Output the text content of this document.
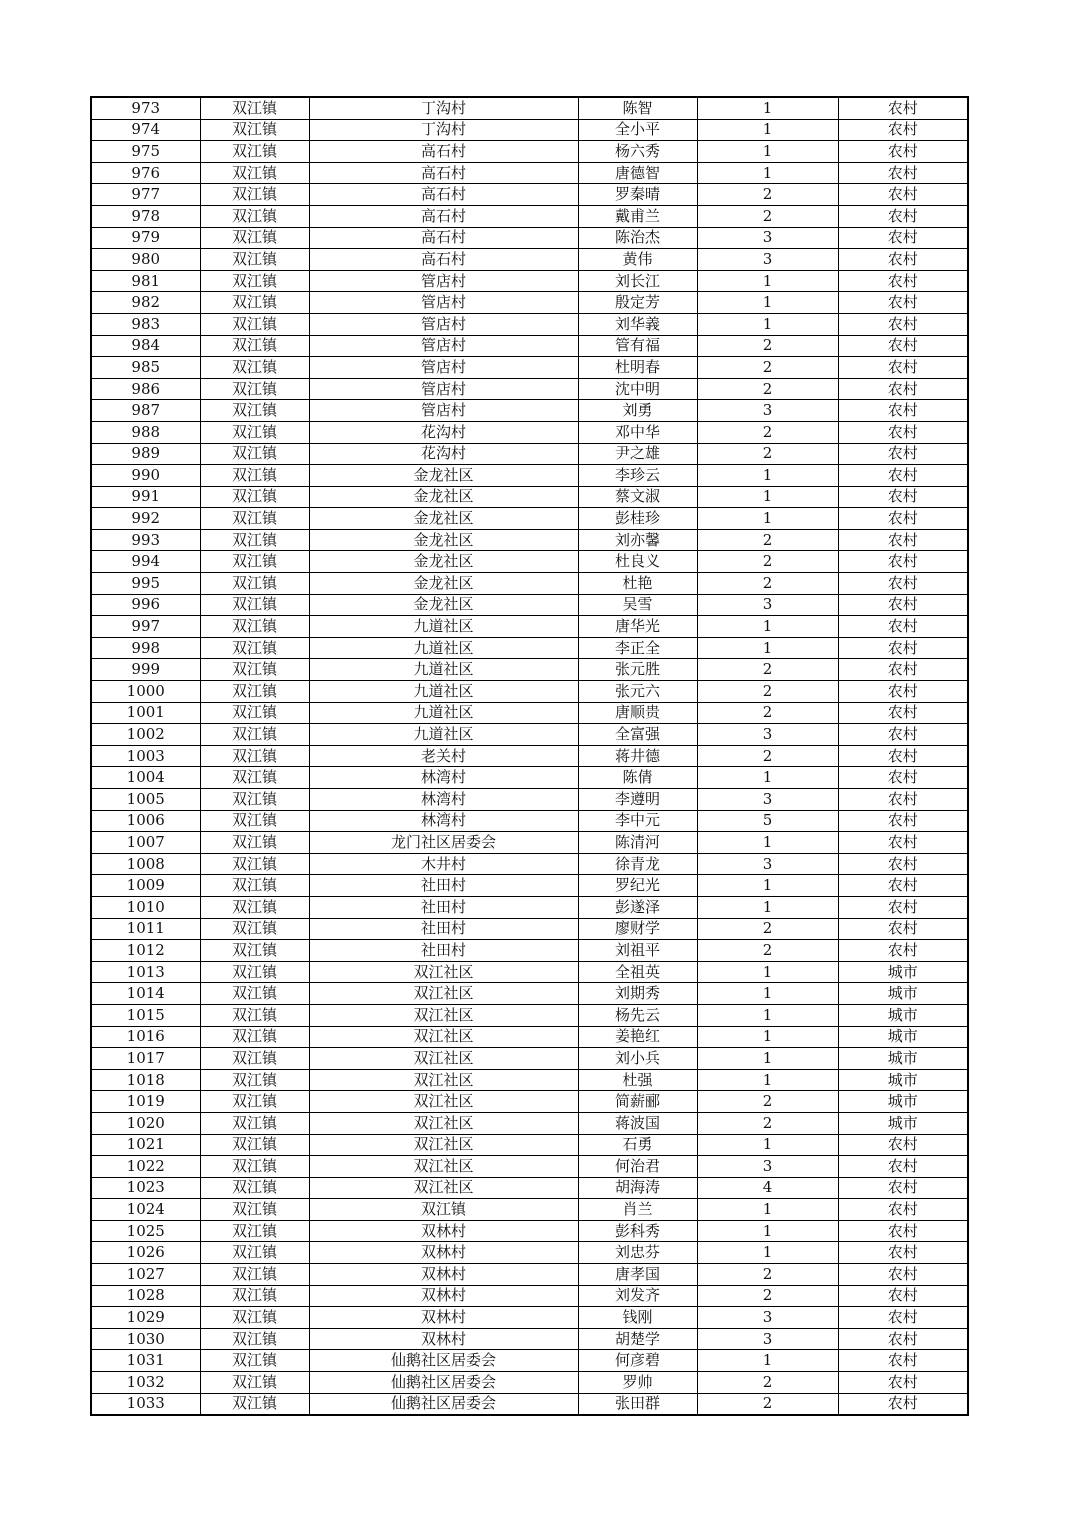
973	双江镇	丁沟村	陈智	1	农村
974	双江镇	丁沟村	全小平	1	农村
975	双江镇	高石村	杨六秀	1	农村
976	双江镇	高石村	唐德智	1	农村
977	双江镇	高石村	罗秦晴	2	农村
978	双江镇	高石村	戴甫兰	2	农村
979	双江镇	高石村	陈治杰	3	农村
980	双江镇	高石村	黄伟	3	农村
981	双江镇	管店村	刘长江	1	农村
982	双江镇	管店村	殷定芳	1	农村
983	双江镇	管店村	刘华義	1	农村
984	双江镇	管店村	管有福	2	农村
985	双江镇	管店村	杜明春	2	农村
986	双江镇	管店村	沈中明	2	农村
987	双江镇	管店村	刘勇	3	农村
988	双江镇	花沟村	邓中华	2	农村
989	双江镇	花沟村	尹之雄	2	农村
990	双江镇	金龙社区	李珍云	1	农村
991	双江镇	金龙社区	蔡文淑	1	农村
992	双江镇	金龙社区	彭桂珍	1	农村
993	双江镇	金龙社区	刘亦馨	2	农村
994	双江镇	金龙社区	杜良义	2	农村
995	双江镇	金龙社区	杜艳	2	农村
996	双江镇	金龙社区	吴雪	3	农村
997	双江镇	九道社区	唐华光	1	农村
998	双江镇	九道社区	李正全	1	农村
999	双江镇	九道社区	张元胜	2	农村
1000	双江镇	九道社区	张元六	2	农村
1001	双江镇	九道社区	唐顺贵	2	农村
1002	双江镇	九道社区	全富强	3	农村
1003	双江镇	老关村	蒋井德	2	农村
1004	双江镇	林湾村	陈倩	1	农村
1005	双江镇	林湾村	李遵明	3	农村
1006	双江镇	林湾村	李中元	5	农村
1007	双江镇	龙门社区居委会	陈清河	1	农村
1008	双江镇	木井村	徐青龙	3	农村
1009	双江镇	社田村	罗纪光	1	农村
1010	双江镇	社田村	彭遂泽	1	农村
1011	双江镇	社田村	廖财学	2	农村
1012	双江镇	社田村	刘祖平	2	农村
1013	双江镇	双江社区	全祖英	1	城市
1014	双江镇	双江社区	刘期秀	1	城市
1015	双江镇	双江社区	杨先云	1	城市
1016	双江镇	双江社区	姜艳红	1	城市
1017	双江镇	双江社区	刘小兵	1	城市
1018	双江镇	双江社区	杜强	1	城市
1019	双江镇	双江社区	简薪郦	2	城市
1020	双江镇	双江社区	蒋波国	2	城市
1021	双江镇	双江社区	石勇	1	农村
1022	双江镇	双江社区	何治君	3	农村
1023	双江镇	双江社区	胡海涛	4	农村
1024	双江镇	双江镇	肖兰	1	农村
1025	双江镇	双林村	彭科秀	1	农村
1026	双江镇	双林村	刘忠芬	1	农村
1027	双江镇	双林村	唐孝国	2	农村
1028	双江镇	双林村	刘发齐	2	农村
1029	双江镇	双林村	钱刚	3	农村
1030	双江镇	双林村	胡楚学	3	农村
1031	双江镇	仙鹅社区居委会	何彦碧	1	农村
1032	双江镇	仙鹅社区居委会	罗帅	2	农村
1033	双江镇	仙鹅社区居委会	张田群	2	农村
